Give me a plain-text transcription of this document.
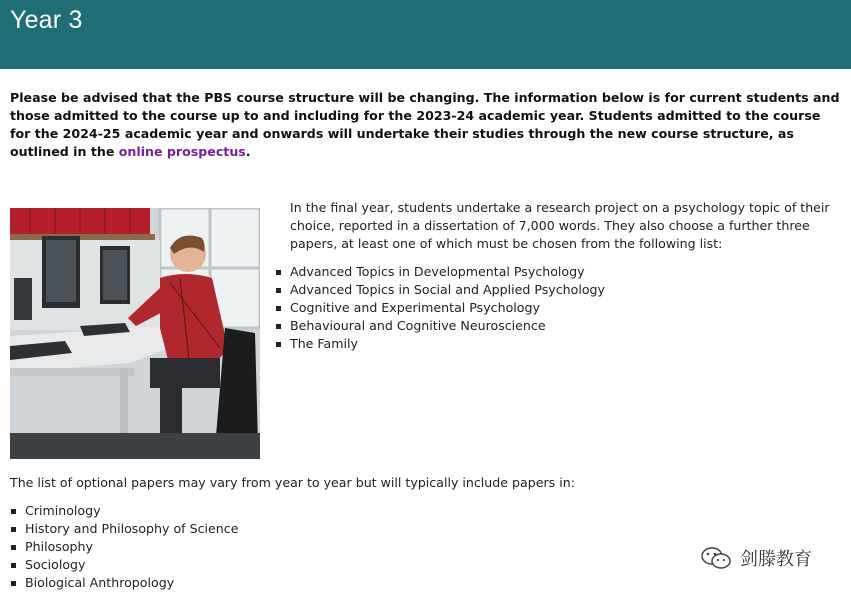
Year 3
Please be advised that the PBS course structure will be changing. The information below is for current students and those admitted to the course up to and including for the 2023-24 academic year. Students admitted to the course for the 2024-25 academic year and onwards will undertake their studies through the new course structure, as outlined in the online prospectus.
In the final year, students undertake a research project on a psychology topic of their choice, reported in a dissertation of 7,000 words. They also choose a further three papers, at least one of which must be chosen from the following list:
Advanced Topics in Developmental Psychology
Advanced Topics in Social and Applied Psychology
Cognitive and Experimental Psychology
Behavioural and Cognitive Neuroscience
The Family
The list of optional papers may vary from year to year but will typically include papers in:
Criminology
History and Philosophy of Science
Philosophy
Sociology
Biological Anthropology
剑滕教育
